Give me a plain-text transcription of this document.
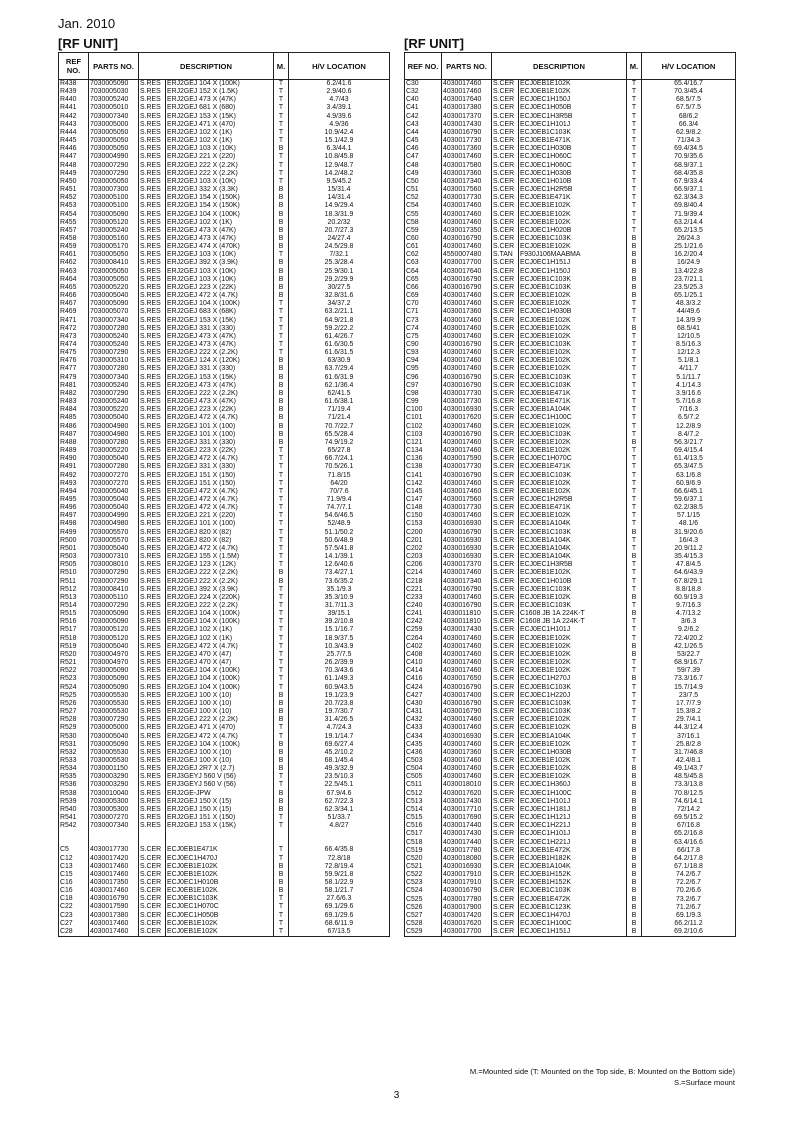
Jan. 2010
[RF UNIT]	[RF UNIT]
REF NO.	PARTS NO.	DESCRIPTION		M.	H/V LOCATION
R438	7030005090	S.RES	ERJ2GEJ 104 X (100K)	T	6.2/41.6
R439	7030005030	S.RES	ERJ2GEJ 152 X (1.5K)	T	2.9/40.6
R440	7030005240	S.RES	ERJ2GEJ 473 X (47K)	T	4.7/43
R441	7030005010	S.RES	ERJ2GEJ 681 X (680)	T	3.4/39.1
R442	7030007340	S.RES	ERJ2GEJ 153 X (15K)	T	4.9/39.6
R443	7030005000	S.RES	ERJ2GEJ 471 X (470)	T	4.9/36
R444	7030005050	S.RES	ERJ2GEJ 102 X (1K)	T	10.9/42.4
R445	7030005050	S.RES	ERJ2GEJ 102 X (1K)	T	15.1/42.9
R446	7030005050	S.RES	ERJ2GEJ 103 X (10K)	B	6.3/44.1
R447	7030004990	S.RES	ERJ2GEJ 221 X (220)	T	10.8/45.8
R448	7030007290	S.RES	ERJ2GEJ 222 X (2.2K)	T	12.9/48.7
R449	7030007290	S.RES	ERJ2GEJ 222 X (2.2K)	T	14.2/48.2
R450	7030005050	S.RES	ERJ2GEJ 103 X (10K)	T	9.5/45.2
R451	7030007300	S.RES	ERJ2GEJ 332 X (3.3K)	B	15/31.4
R452	7030005100	S.RES	ERJ2GEJ 154 X (150K)	B	14/31.4
R453	7030005100	S.RES	ERJ2GEJ 154 X (150K)	B	14.9/29.4
R454	7030005090	S.RES	ERJ2GEJ 104 X (100K)	B	18.3/31.9
R455	7030005120	S.RES	ERJ2GEJ 102 X (1K)	B	20.2/32
R457	7030005240	S.RES	ERJ2GEJ 473 X (47K)	B	20.7/27.3
R458	7030005160	S.RES	ERJ2GEJ 473 X (47K)	B	24/27.4
R459	7030005170	S.RES	ERJ2GEJ 474 X (470K)	B	24.5/29.8
R461	7030005050	S.RES	ERJ2GEJ 103 X (10K)	T	7/32.1
R462	7030008410	S.RES	ERJ2GEJ 392 X (3.9K)	B	25.3/28.4
R463	7030005050	S.RES	ERJ2GEJ 103 X (10K)	B	25.9/30.1
R464	7030005050	S.RES	ERJ2GEJ 103 X (10K)	B	29.2/29.9
R465	7030005220	S.RES	ERJ2GEJ 223 X (22K)	B	30/27.5
R466	7030005040	S.RES	ERJ2GEJ 472 X (4.7K)	B	32.8/31.6
R467	7030005090	S.RES	ERJ2GEJ 104 X (100K)	T	34/37.2
R469	7030005070	S.RES	ERJ2GEJ 683 X (68K)	T	63.2/21.1
R471	7030007340	S.RES	ERJ2GEJ 153 X (15K)	T	64.9/21.8
R472	7030007280	S.RES	ERJ2GEJ 331 X (330)	T	59.2/22.2
R473	7030005240	S.RES	ERJ2GEJ 473 X (47K)	T	61.4/26.7
R474	7030005240	S.RES	ERJ2GEJ 473 X (47K)	T	61.6/30.5
R475	7030007290	S.RES	ERJ2GEJ 222 X (2.2K)	T	61.6/31.5
R476	7030005310	S.RES	ERJ2GEJ 124 X (120K)	B	63/30.9
R477	7030007280	S.RES	ERJ2GEJ 331 X (330)	B	63.7/29.4
R479	7030007340	S.RES	ERJ2GEJ 153 X (15K)	B	61.6/31.9
R481	7030005240	S.RES	ERJ2GEJ 473 X (47K)	B	62.1/36.4
R482	7030007290	S.RES	ERJ2GEJ 222 X (2.2K)	B	62/41.5
R483	7030005240	S.RES	ERJ2GEJ 473 X (47K)	B	61.6/38.1
R484	7030005220	S.RES	ERJ2GEJ 223 X (22K)	B	71/19.4
R485	7030005040	S.RES	ERJ2GEJ 472 X (4.7K)	B	71/21.4
R486	7030004980	S.RES	ERJ2GEJ 101 X (100)	B	70.7/22.7
R487	7030004980	S.RES	ERJ2GEJ 101 X (100)	B	65.5/28.4
R488	7030007280	S.RES	ERJ2GEJ 331 X (330)	B	74.9/19.2
R489	7030005220	S.RES	ERJ2GEJ 223 X (22K)	T	65/27.8
R490	7030005040	S.RES	ERJ2GEJ 472 X (4.7K)	T	66.7/24.1
R491	7030007280	S.RES	ERJ2GEJ 331 X (330)	T	70.5/26.1
R492	7030007270	S.RES	ERJ2GEJ 151 X (150)	T	71.8/15
R493	7030007270	S.RES	ERJ2GEJ 151 X (150)	T	64/20
R494	7030005040	S.RES	ERJ2GEJ 472 X (4.7K)	T	70/7.6
R495	7030005040	S.RES	ERJ2GEJ 472 X (4.7K)	T	71.9/9.4
R496	7030005040	S.RES	ERJ2GEJ 472 X (4.7K)	T	74.7/7.1
R497	7030004990	S.RES	ERJ2GEJ 221 X (220)	T	54.6/46.5
R498	7030004980	S.RES	ERJ2GEJ 101 X (100)	T	52/48.9
R499	7030005570	S.RES	ERJ2GEJ 820 X (82)	T	51.1/50.2
R500	7030005570	S.RES	ERJ2GEJ 820 X (82)	T	50.6/48.9
R501	7030005040	S.RES	ERJ2GEJ 472 X (4.7K)	T	57.5/41.8
R503	7030007310	S.RES	ERJ2GEJ 155 X (1.5M)	T	14.1/39.1
R505	7030008010	S.RES	ERJ2GEJ 123 X (12K)	T	12.6/40.6
R510	7030007290	S.RES	ERJ2GEJ 222 X (2.2K)	B	73.4/27.1
R511	7030007290	S.RES	ERJ2GEJ 222 X (2.2K)	B	73.6/35.2
R512	7030008410	S.RES	ERJ2GEJ 392 X (3.9K)	T	35.1/9.3
R513	7030005110	S.RES	ERJ2GEJ 224 X (220K)	T	35.3/10.9
R514	7030007290	S.RES	ERJ2GEJ 222 X (2.2K)	T	31.7/11.3
R515	7030005090	S.RES	ERJ2GEJ 104 X (100K)	T	39/15.1
R516	7030005090	S.RES	ERJ2GEJ 104 X (100K)	T	39.2/10.8
R517	7030005120	S.RES	ERJ2GEJ 102 X (1K)	T	15.1/16.7
R518	7030005120	S.RES	ERJ2GEJ 102 X (1K)	T	18.9/37.5
R519	7030005040	S.RES	ERJ2GEJ 472 X (4.7K)	T	10.3/43.9
R520	7030004970	S.RES	ERJ2GEJ 470 X (47)	T	25.7/7.5
R521	7030004970	S.RES	ERJ2GEJ 470 X (47)	T	26.2/39.9
R522	7030005090	S.RES	ERJ2GEJ 104 X (100K)	T	70.3/43.6
R523	7030005090	S.RES	ERJ2GEJ 104 X (100K)	T	61.1/49.3
R524	7030005090	S.RES	ERJ2GEJ 104 X (100K)	T	60.9/43.5
R525	7030005530	S.RES	ERJ2GEJ 100 X (10)	B	19.1/23.9
R526	7030005530	S.RES	ERJ2GEJ 100 X (10)	B	20.7/23.8
R527	7030005530	S.RES	ERJ2GEJ 100 X (10)	B	19.7/30.7
R528	7030007290	S.RES	ERJ2GEJ 222 X (2.2K)	B	31.4/26.5
R529	7030005000	S.RES	ERJ2GEJ 471 X (470)	T	4.7/24.3
R530	7030005040	S.RES	ERJ2GEJ 472 X (4.7K)	T	19.1/14.7
R531	7030005090	S.RES	ERJ2GEJ 104 X (100K)	B	69.6/27.4
R532	7030005530	S.RES	ERJ2GEJ 100 X (10)	B	45.2/10.2
R533	7030005530	S.RES	ERJ2GEJ 100 X (10)	B	68.1/45.4
R534	7030001150	S.RES	ERJ2GEJ 2R7 X (2.7)	B	49.3/32.9
R535	7030003290	S.RES	ERJ3GEYJ 560 V (56)	T	23.5/10.3
R536	7030003290	S.RES	ERJ3GEYJ 560 V (56)	T	22.5/45.1
R538	7030010040	S.RES	ERJ2GE-JPW	B	67.9/4.6
R539	7030005300	S.RES	ERJ2GEJ 150 X (15)	B	62.7/22.3
R540	7030005300	S.RES	ERJ2GEJ 150 X (15)	B	62.3/34.1
R541	7030007270	S.RES	ERJ2GEJ 151 X (150)	T	51/33.7
R542	7030007340	S.RES	ERJ2GEJ 153 X (15K)	T	4.8/27

C5	4030017730	S.CER	ECJ0EB1E471K	T	66.4/35.8
C12	4030017420	S.CER	ECJ0EC1H470J	T	72.8/18
C13	4030017460	S.CER	ECJ0EB1E102K	B	72.8/19.4
C15	4030017460	S.CER	ECJ0EB1E102K	B	59.9/21.8
C16	4030017350	S.CER	ECJ0EC1H010B	B	58.1/22.9
C16	4030017460	S.CER	ECJ0EB1E102K	B	58.1/21.7
C18	4030016790	S.CER	ECJ0EB1C103K	T	27.6/6.3
C22	4030017590	S.CER	ECJ0EC1H070C	T	69.1/29.6
C23	4030017380	S.CER	ECJ0EC1H050B	T	69.1/29.6
C27	4030017460	S.CER	ECJ0EB1E102K	T	68.6/11.9
C28	4030017460	S.CER	ECJ0EB1E102K	T	67/13.5
REF NO.	PARTS NO.	DESCRIPTION		M.	H/V LOCATION
C30	4030017460	S.CER	ECJ0EB1E102K	T	65.4/16.7
C32	4030017460	S.CER	ECJ0EB1E102K	T	70.3/45.4
C40	4030017640	S.CER	ECJ0EC1H150J	T	68.5/7.5
C41	4030017380	S.CER	ECJ0EC1H050B	T	67.5/7.5
C42	4030017370	S.CER	ECJ0EC1H3R5B	T	68/6.2
C43	4030017430	S.CER	ECJ0EC1H101J	T	66.3/4
C44	4030016790	S.CER	ECJ0EB1C103K	T	62.9/8.2
C45	4030017730	S.CER	ECJ0EB1E471K	T	71/34.3
C46	4030017360	S.CER	ECJ0EC1H030B	T	69.4/34.5
C47	4030017460	S.CER	ECJ0EC1H060C	T	70.9/35.6
C48	4030017580	S.CER	ECJ0EC1H060C	T	68.9/37.1
C49	4030017360	S.CER	ECJ0EC1H030B	T	68.4/35.8
C50	4030017340	S.CER	ECJ0EC1H010B	T	67.9/33.4
C51	4030017560	S.CER	ECJ0EC1H2R5B	T	66.9/37.1
C52	4030017730	S.CER	ECJ0EB1E471K	T	62.3/34.3
C54	4030017460	S.CER	ECJ0EB1E102K	T	69.8/40.4
C55	4030017460	S.CER	ECJ0EB1E102K	T	71.9/39.4
C58	4030017460	S.CER	ECJ0EB1E102K	T	63.2/14.4
C59	4030017350	S.CER	ECJ0EC1H020B	T	65.2/13.5
C60	4030016790	S.CER	ECJ0EB1C103K	B	26/24.3
C61	4030017460	S.CER	ECJ0EB1E102K	B	25.1/21.6
C62	4550007480	S.TAN	F930J106MAABMA	B	16.2/20.4
C63	4030017700	S.CER	ECJ0EC1H151J	B	16/24.9
C64	4030017640	S.CER	ECJ0EC1H150J	B	13.4/22.8
C65	4030016790	S.CER	ECJ0EB1C103K	B	23.7/21.1
C66	4030016790	S.CER	ECJ0EB1C103K	B	23.5/25.3
C69	4030017460	S.CER	ECJ0EB1E102K	B	65.1/25.1
C70	4030017460	S.CER	ECJ0EB1E102K	T	48.3/3.2
C71	4030017360	S.CER	ECJ0EC1H030B	T	44/49.6
C73	4030017460	S.CER	ECJ0EB1E102K	T	14.3/9.9
C74	4030017460	S.CER	ECJ0EB1E102K	B	68.5/41
C75	4030017460	S.CER	ECJ0EB1E102K	T	12/10.5
C90	4030016790	S.CER	ECJ0EB1C103K	T	8.5/16.3
C93	4030017460	S.CER	ECJ0EB1E102K	T	12/12.3
C94	4030017460	S.CER	ECJ0EB1E102K	T	5.1/8.1
C95	4030017460	S.CER	ECJ0EB1E102K	T	4/11.7
C96	4030016790	S.CER	ECJ0EB1C103K	T	5.1/11.7
C97	4030016790	S.CER	ECJ0EB1C103K	T	4.1/14.3
C98	4030017730	S.CER	ECJ0EB1E471K	T	3.9/16.6
C99	4030017730	S.CER	ECJ0EB1E471K	T	5.7/16.8
C100	4030016930	S.CER	ECJ0EB1A104K	T	7/16.3
C101	4030017620	S.CER	ECJ0EC1H100C	T	6.5/7.2
C102	4030017460	S.CER	ECJ0EB1E102K	T	12.2/8.9
C103	4030016790	S.CER	ECJ0EB1C103K	T	8.4/7.2
C121	4030017460	S.CER	ECJ0EB1E102K	B	56.3/21.7
C134	4030017460	S.CER	ECJ0EB1E102K	T	69.4/15.4
C136	4030017590	S.CER	ECJ0EC1H070C	T	61.4/13.5
C138	4030017730	S.CER	ECJ0EB1E471K	T	65.3/47.5
C141	4030016790	S.CER	ECJ0EB1C103K	T	63.1/6.8
C142	4030017460	S.CER	ECJ0EB1E102K	T	60.9/6.9
C145	4030017460	S.CER	ECJ0EB1E102K	T	66.6/45.1
C147	4030017560	S.CER	ECJ0EC1H2R5B	T	59.6/37.1
C148	4030017730	S.CER	ECJ0EB1E471K	T	62.2/38.5
C150	4030017460	S.CER	ECJ0EB1E102K	T	57.1/15
C153	4030016930	S.CER	ECJ0EB1A104K	T	48.1/6
C200	4030016790	S.CER	ECJ0EB1C103K	B	31.9/20.6
C201	4030016930	S.CER	ECJ0EB1A104K	T	16/4.3
C202	4030016930	S.CER	ECJ0EB1A104K	T	20.9/11.2
C203	4030016930	S.CER	ECJ0EB1A104K	B	35.4/15.3
C206	4030017370	S.CER	ECJ0EC1H3R5B	T	47.8/4.5
C214	4030017460	S.CER	ECJ0EB1E102K	T	64.6/43.9
C218	4030017340	S.CER	ECJ0EC1H010B	T	67.8/29.1
C221	4030016790	S.CER	ECJ0EB1C103K	T	8.8/18.8
C233	4030017460	S.CER	ECJ0EB1E102K	B	60.9/19.3
C240	4030016790	S.CER	ECJ0EB1C103K	T	9.7/16.3
C241	4030011810	S.CER	C1608 JB 1A 224K-T	B	4.7/13.2
C242	4030011810	S.CER	C1608 JB 1A 224K-T	T	3/6.3
C259	4030017430	S.CER	ECJ0EC1H101J	T	9.2/6.2
C264	4030017460	S.CER	ECJ0EB1E102K	T	72.4/20.2
C402	4030017460	S.CER	ECJ0EB1E102K	B	42.1/26.5
C408	4030017460	S.CER	ECJ0EB1E102K	B	53/22.7
C410	4030017460	S.CER	ECJ0EB1E102K	T	68.9/16.7
C414	4030017460	S.CER	ECJ0EB1E102K	T	59/7.39
C416	4030017650	S.CER	ECJ0EC1H270J	B	73.3/16.7
C424	4030016790	S.CER	ECJ0EB1C103K	T	15.7/14.9
C427	4030017400	S.CER	ECJ0EC1H220J	T	23/7.5
C430	4030016790	S.CER	ECJ0EB1C103K	T	17.7/7.9
C431	4030016790	S.CER	ECJ0EB1C103K	T	15.3/8.2
C432	4030017460	S.CER	ECJ0EB1E102K	T	29.7/4.1
C433	4030017460	S.CER	ECJ0EB1E102K	B	44.3/12.4
C434	4030016930	S.CER	ECJ0EB1A104K	T	37/16.1
C435	4030017460	S.CER	ECJ0EB1E102K	T	25.8/2.8
C436	4030017360	S.CER	ECJ0EC1H030B	T	31.7/46.8
C503	4030017460	S.CER	ECJ0EB1E102K	T	42.4/8.1
C504	4030017460	S.CER	ECJ0EB1E102K	B	49.1/43.7
C505	4030017460	S.CER	ECJ0EB1E102K	B	48.5/45.8
C511	4030018010	S.CER	ECJ0EC1H360J	B	73.3/13.8
C512	4030017620	S.CER	ECJ0EC1H100C	B	70.8/12.5
C513	4030017430	S.CER	ECJ0EC1H101J	B	74.6/14.1
C514	4030017710	S.CER	ECJ0EC1H181J	B	72/14.2
C515	4030017690	S.CER	ECJ0EC1H121J	B	69.5/15.2
C516	4030017440	S.CER	ECJ0EC1H221J	B	67/16.8
C517	4030017430	S.CER	ECJ0EC1H101J	B	65.2/16.8
C518	4030017440	S.CER	ECJ0EC1H221J	B	63.4/16.6
C519	4030017780	S.CER	ECJ0EB1E472K	B	66/17.8
C520	4030018080	S.CER	ECJ0EB1H182K	B	64.2/17.8
C521	4030016930	S.CER	ECJ0EB1A104K	B	67.1/18.8
C522	4030017910	S.CER	ECJ0EB1H152K	B	74.2/6.7
C523	4030017910	S.CER	ECJ0EB1H152K	B	72.2/6.7
C524	4030016790	S.CER	ECJ0EB1C103K	B	70.2/6.6
C525	4030017780	S.CER	ECJ0EB1E472K	B	73.2/6.7
C526	4030017900	S.CER	ECJ0EB1C123K	B	71.2/6.7
C527	4030017420	S.CER	ECJ0EC1H470J	B	69.1/9.3
C528	4030017620	S.CER	ECJ0EC1H100C	B	66.2/11.2
C529	4030017700	S.CER	ECJ0EC1H151J	B	69.2/10.6
M.=Mounted side (T: Mounted on the Top side, B: Mounted on the Bottom side)
S.=Surface mount
3
